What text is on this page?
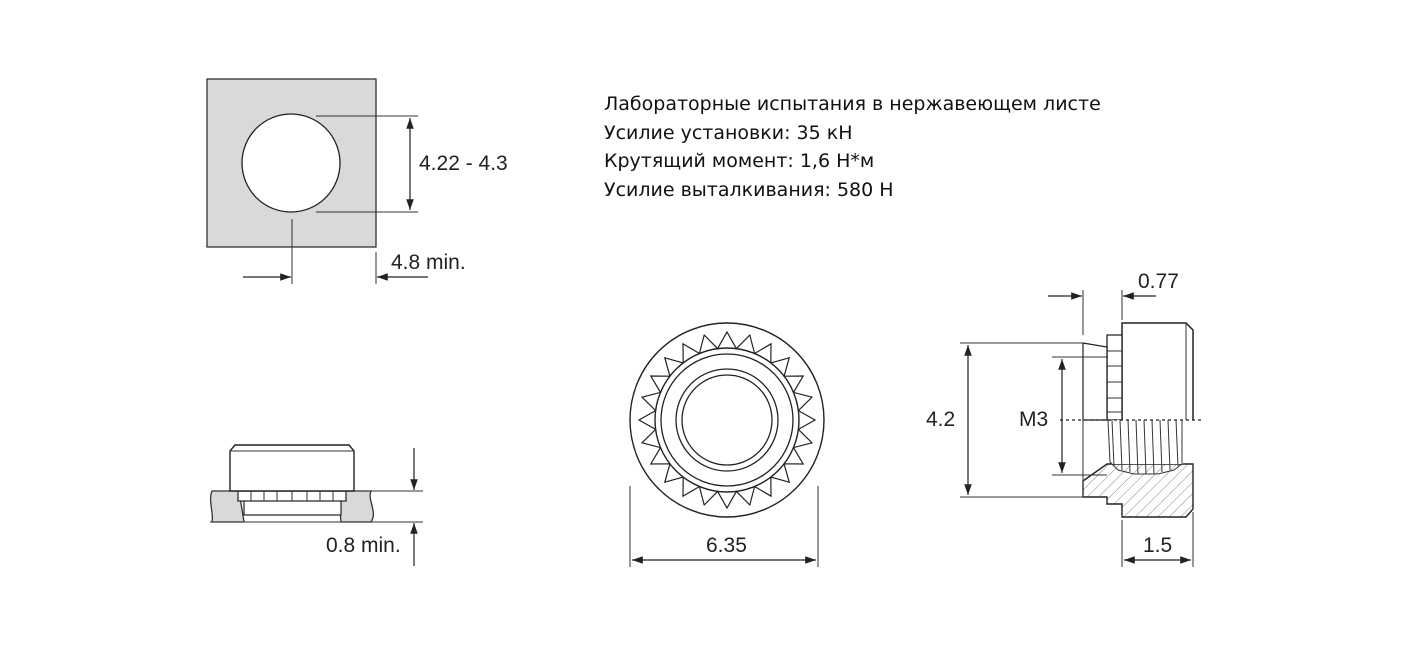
Лабораторные испытания в нержавеющем листе
Усилие установки: 35 кН
Крутящий момент: 1,6 Н*м
Усилие выталкивания: 580 Н
4.22 - 4.3
4.8 min.
0.8 min.	6.35
0.77
4.2	M3
1.5
